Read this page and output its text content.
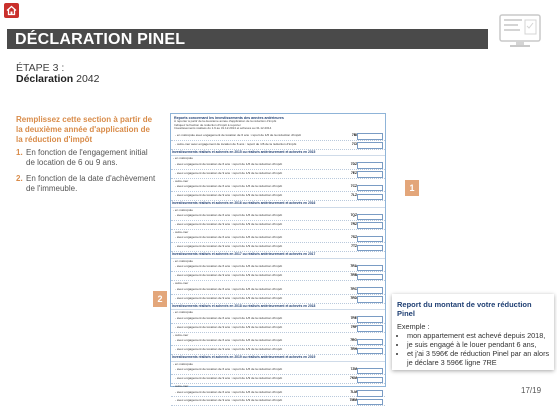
DÉCLARATION PINEL
ÉTAPE 3 :
Déclaration 2042
Remplissez cette section à partir de la deuxième année d'application de la réduction d'impôt
1. En fonction de l'engagement initial de location de 6 ou 9 ans.
2. En fonction de la date d'achèvement de l'immeuble.
Reports concernant les investissements des années antérieures
À reporter à partir de la deuxième année d'application de la réduction d'impôt
Indiquez la fraction de réduction d'impôt à reporter
Investissements réalisés du 1.9 au 31.12.2014 et achevés au 31.12.2014
- en métropole avec engagement de location de 6 ans : report de 1/6 de la réduction d'impôt	7BI
- outre-mer avec engagement de location de 6 ans : report de 1/6 de la réduction d'impôt	7CI
Investissements réalisés et achevés en 2015 ou réalisés antérieurement et achevés en 2015
- en métropole
- avec engagement de location de 6 ans : report de 1/6 de la réduction d'impôt	7DZ
- avec engagement de location de 9 ans : report de 1/9 de la réduction d'impôt	7EZ
- outre-mer
- avec engagement de location de 6 ans : report de 1/6 de la réduction d'impôt	7CZ
- avec engagement de location de 9 ans : report de 1/9 de la réduction d'impôt	7LZ
Investissements réalisés et achevés en 2016 ou réalisés antérieurement et achevés en 2016
- en métropole
- avec engagement de location de 6 ans : report de 1/6 de la réduction d'impôt	7QZ
- avec engagement de location de 9 ans : report de 1/9 de la réduction d'impôt	7RZ
- outre-mer
- avec engagement de location de 6 ans : report de 1/6 de la réduction d'impôt	7SZ
- avec engagement de location de 9 ans : report de 1/9 de la réduction d'impôt	7TZ
Investissements réalisés et achevés en 2017 ou réalisés antérieurement et achevés en 2017
- en métropole
- avec engagement de location de 6 ans : report de 1/6 de la réduction d'impôt	7RA
- avec engagement de location de 9 ans : report de 1/9 de la réduction d'impôt	7RB
- outre-mer
- avec engagement de location de 6 ans : report de 1/6 de la réduction d'impôt	7RC
- avec engagement de location de 9 ans : report de 1/9 de la réduction d'impôt	7RD
Investissements réalisés et achevés en 2018 ou réalisés antérieurement et achevés en 2018
- en métropole
- avec engagement de location de 6 ans : report de 1/6 de la réduction d'impôt	7RE
- avec engagement de location de 9 ans : report de 1/9 de la réduction d'impôt	7RF
- outre-mer
- avec engagement de location de 6 ans : report de 1/6 de la réduction d'impôt	7RG
- avec engagement de location de 9 ans : report de 1/9 de la réduction d'impôt	7RH
Investissements réalisés et achevés en 2019 ou réalisés antérieurement et achevés en 2019
- en métropole
- avec engagement de location de 6 ans : report de 1/6 de la réduction d'impôt	7JM
- avec engagement de location de 9 ans : report de 1/9 de la réduction d'impôt	7KM
- outre-mer
- avec engagement de location de 6 ans : report de 1/6 de la réduction d'impôt	7LM
- avec engagement de location de 9 ans : report de 1/9 de la réduction d'impôt	7MM
1
2
Report du montant de votre réduction Pinel
Exemple :
• mon appartement est achevé depuis 2018,
• je suis engagé à le louer pendant 6 ans,
• et j'ai 3 596€ de réduction Pinel par an alors je déclare 3 596€ ligne 7RE
17/19
